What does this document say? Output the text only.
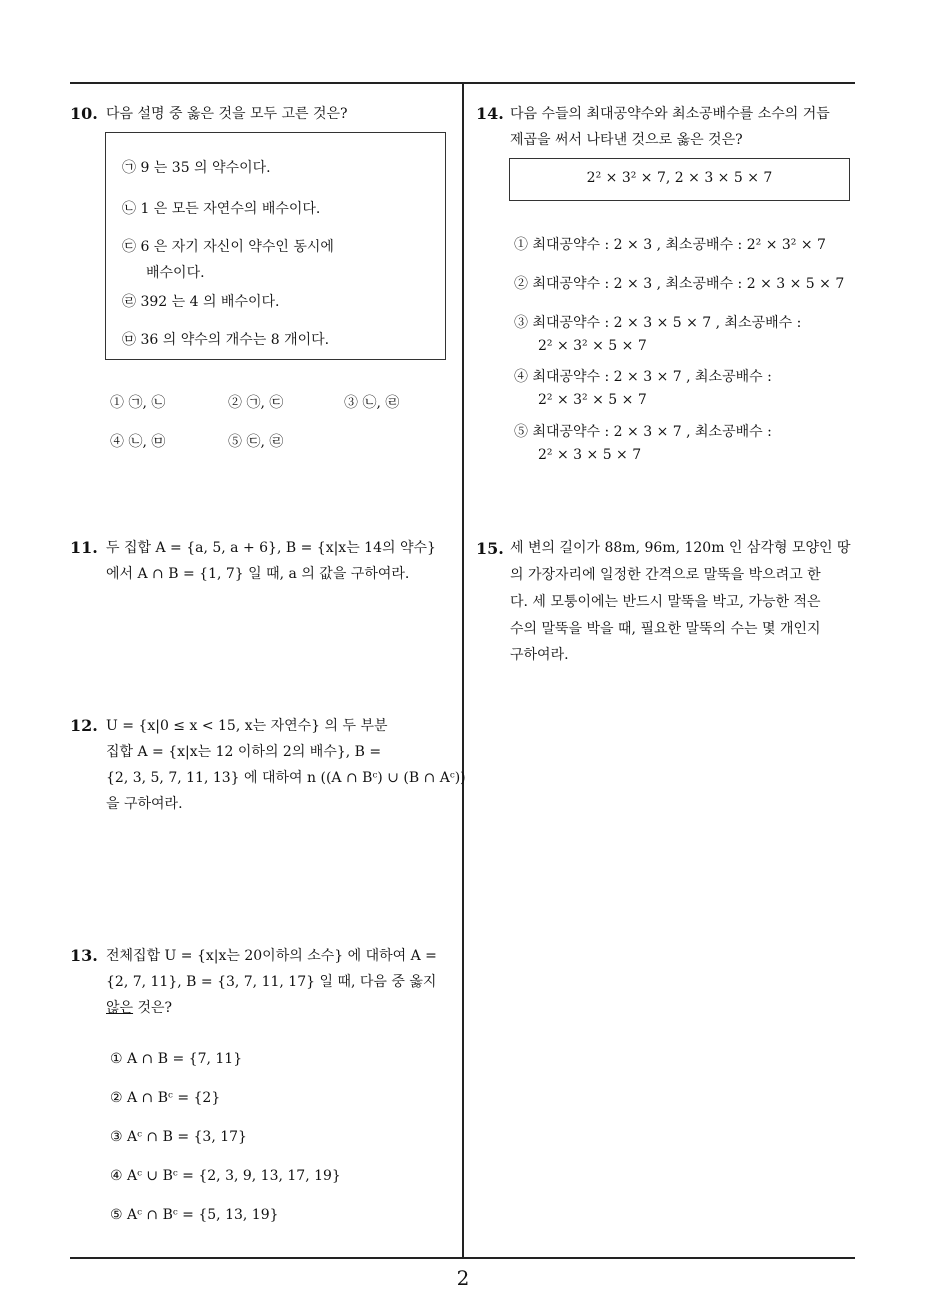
10. 다음 설명 중 옳은 것을 모두 고른 것은?
㉠ 9 는 35 의 약수이다.
㉡ 1 은 모든 자연수의 배수이다.
㉢ 6 은 자기 자신이 약수인 동시에
배수이다.
㉣ 392 는 4 의 배수이다.
㉤ 36 의 약수의 개수는 8 개이다.
① ㉠, ㉡	② ㉠, ㉢	③ ㉡, ㉣
④ ㉡, ㉤	⑤ ㉢, ㉣
11. 두 집합 A = {a, 5, a + 6}, B = {x|x는 14의 약수}
에서 A ∩ B = {1, 7} 일 때, a 의 값을 구하여라.
12. U = {x|0 ≤ x < 15, x는 자연수} 의 두 부분
집합 A = {x|x는 12 이하의 2의 배수}, B =
{2, 3, 5, 7, 11, 13} 에 대하여 n ((A ∩ Bᶜ) ∪ (B ∩ Aᶜ))
을 구하여라.
13. 전체집합 U = {x|x는 20이하의 소수} 에 대하여 A =
{2, 7, 11}, B = {3, 7, 11, 17} 일 때, 다음 중 옳지
않은 것은?
① A ∩ B = {7, 11}
② A ∩ Bᶜ = {2}
③ Aᶜ ∩ B = {3, 17}
④ Aᶜ ∪ Bᶜ = {2, 3, 9, 13, 17, 19}
⑤ Aᶜ ∩ Bᶜ = {5, 13, 19}
14. 다음 수들의 최대공약수와 최소공배수를 소수의 거듭
제곱을 써서 나타낸 것으로 옳은 것은?
2² × 3² × 7, 2 × 3 × 5 × 7
① 최대공약수 : 2 × 3 , 최소공배수 : 2² × 3² × 7
② 최대공약수 : 2 × 3 , 최소공배수 : 2 × 3 × 5 × 7
③ 최대공약수 : 2 × 3 × 5 × 7 , 최소공배수 :
2² × 3² × 5 × 7
④ 최대공약수 : 2 × 3 × 7 , 최소공배수 :
2² × 3² × 5 × 7
⑤ 최대공약수 : 2 × 3 × 7 , 최소공배수 :
2² × 3 × 5 × 7
15. 세 변의 길이가 88m, 96m, 120m 인 삼각형 모양인 땅
의 가장자리에 일정한 간격으로 말뚝을 박으려고 한
다. 세 모퉁이에는 반드시 말뚝을 박고, 가능한 적은
수의 말뚝을 박을 때, 필요한 말뚝의 수는 몇 개인지
구하여라.
2
